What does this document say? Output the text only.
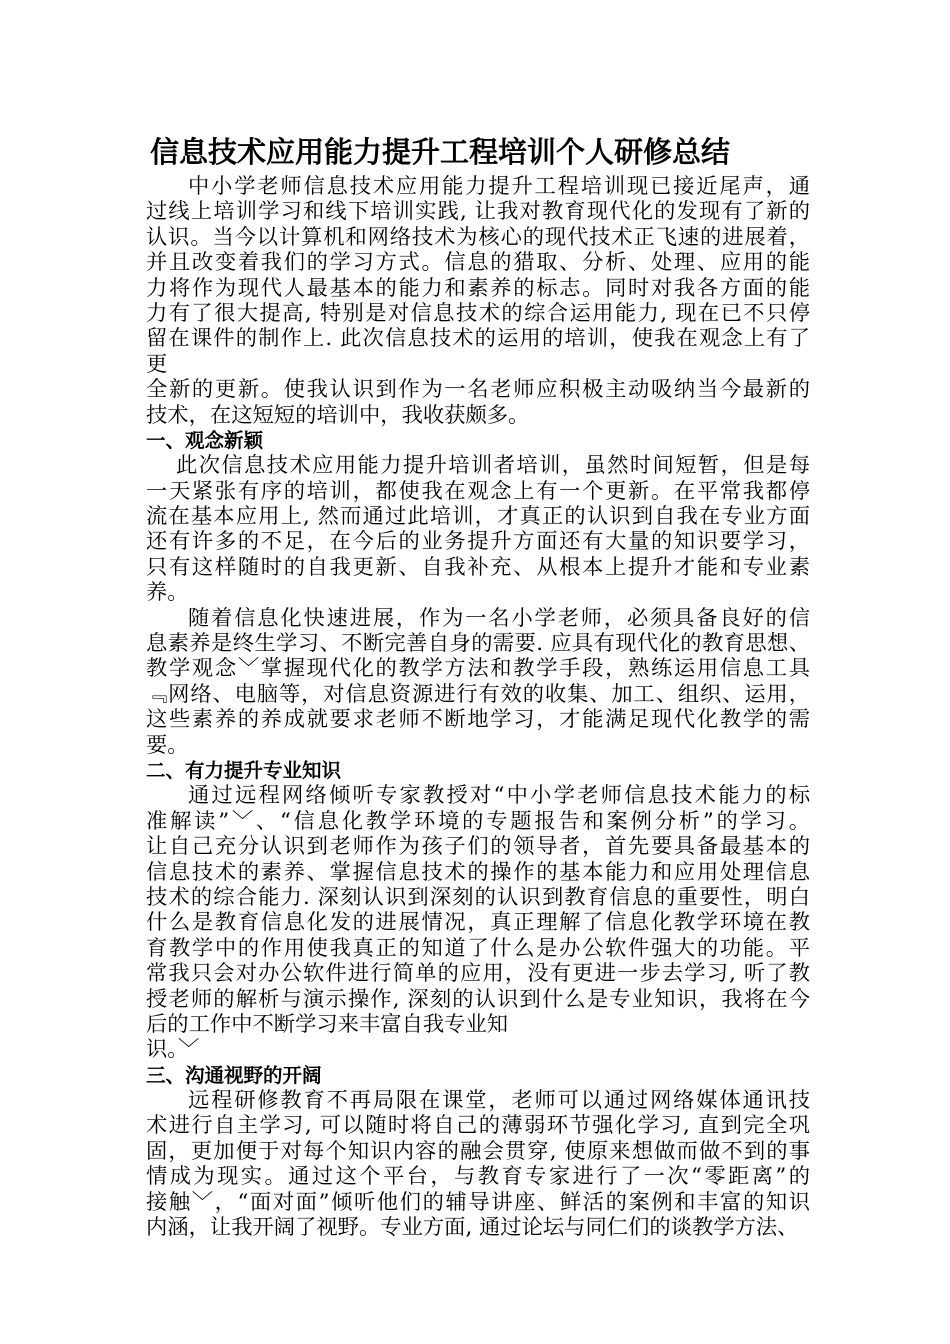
信息技术应用能力提升工程培训个人研修总结
中小学老师信息技术应用能力提升工程培训现已接近尾声，通
过线上培训学习和线下培训实践, 让我对教育现代化的发现有了新的
认识。当今以计算机和网络技术为核心的现代技术正飞速的进展着，
并且改变着我们的学习方式。信息的猎取、分析、处理、应用的能
力将作为现代人最基本的能力和素养的标志。同时对我各方面的能
力有了很大提高, 特别是对信息技术的综合运用能力, 现在已不只停
留在课件的制作上. 此次信息技术的运用的培训，使我在观念上有了
更
全新的更新。使我认识到作为一名老师应积极主动吸纳当今最新的
技术，在这短短的培训中，我收获颇多。
一、观念新颖
此次信息技术应用能力提升培训者培训，虽然时间短暂，但是每
一天紧张有序的培训，都使我在观念上有一个更新。在平常我都停
流在基本应用上, 然而通过此培训，才真正的认识到自我在专业方面
还有许多的不足，在今后的业务提升方面还有大量的知识要学习，
只有这样随时的自我更新、自我补充、从根本上提升才能和专业素
养。
随着信息化快速进展，作为一名小学老师，必须具备良好的信
息素养是终生学习、不断完善自身的需要. 应具有现代化的教育思想、
教学观念﹀掌握现代化的教学方法和教学手段，熟练运用信息工具
﹃网络、电脑等，对信息资源进行有效的收集、加工、组织、运用，
这些素养的养成就要求老师不断地学习，才能满足现代化教学的需
要。
二、有力提升专业知识
通过远程网络倾听专家教授对“中小学老师信息技术能力的标
准解读”﹀、“信息化教学环境的专题报告和案例分析”的学习。
让自己充分认识到老师作为孩子们的领导者，首先要具备最基本的
信息技术的素养、掌握信息技术的操作的基本能力和应用处理信息
技术的综合能力. 深刻认识到深刻的认识到教育信息的重要性，明白
什么是教育信息化发的进展情况，真正理解了信息化教学环境在教
育教学中的作用使我真正的知道了什么是办公软件强大的功能。平
常我只会对办公软件进行简单的应用，没有更进一步去学习, 听了教
授老师的解析与演示操作, 深刻的认识到什么是专业知识，我将在今
后的工作中不断学习来丰富自我专业知
识。﹀
三、沟通视野的开阔
远程研修教育不再局限在课堂，老师可以通过网络媒体通讯技
术进行自主学习, 可以随时将自己的薄弱环节强化学习, 直到完全巩
固，更加便于对每个知识内容的融会贯穿, 使原来想做而做不到的事
情成为现实。通过这个平台，与教育专家进行了一次“零距离”的
接触﹀，“面对面”倾听他们的辅导讲座、鲜活的案例和丰富的知识
内涵，让我开阔了视野。专业方面, 通过论坛与同仁们的谈教学方法、
